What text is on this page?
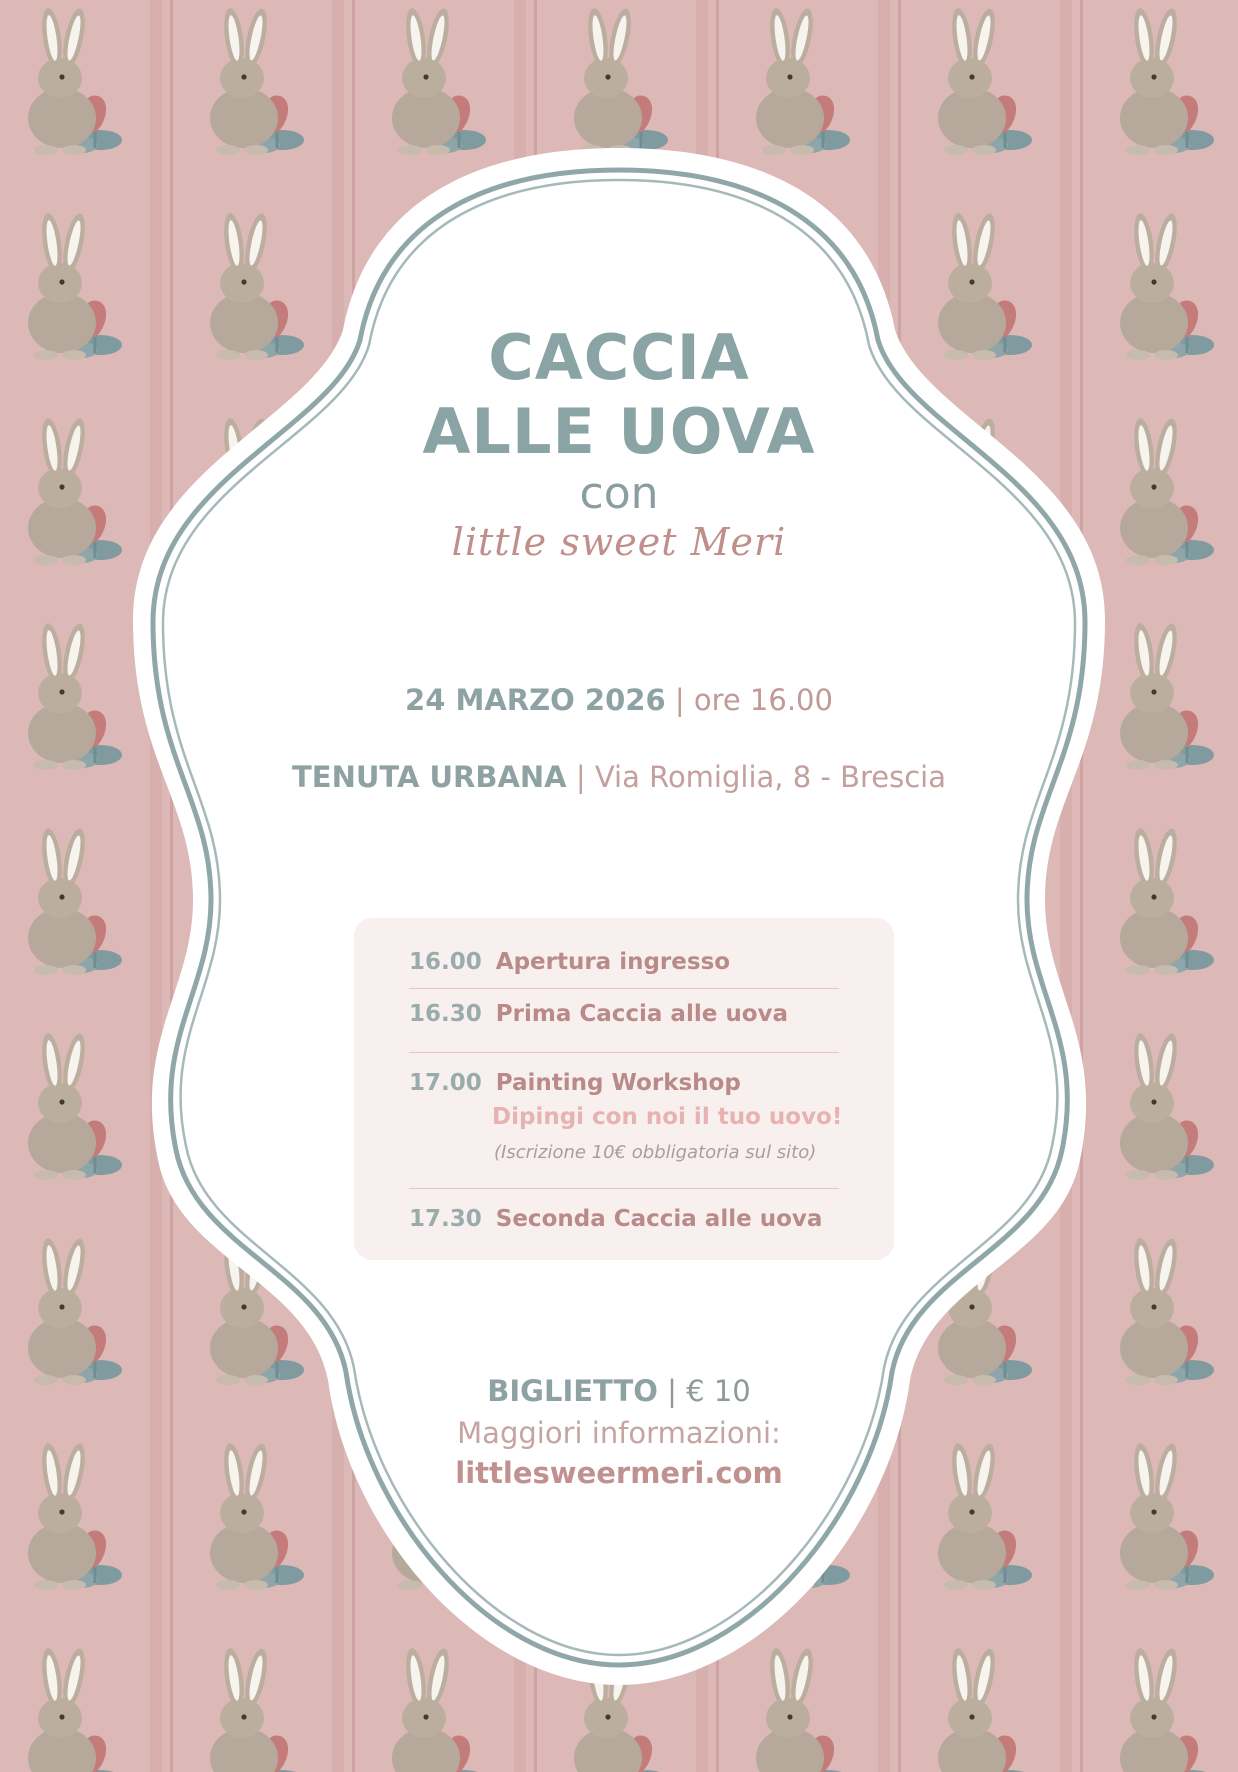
CACCIA
ALLE UOVA
con
little sweet Meri
24 MARZO 2026 | ore 16.00
TENUTA URBANA | Via Romiglia, 8 - Brescia
16.00 Apertura ingresso
16.30 Prima Caccia alle uova
17.00 Painting Workshop
Dipingi con noi il tuo uovo!
(Iscrizione 10€ obbligatoria sul sito)
17.30 Seconda Caccia alle uova
BIGLIETTO | € 10
Maggiori informazioni:
littlesweermeri.com
